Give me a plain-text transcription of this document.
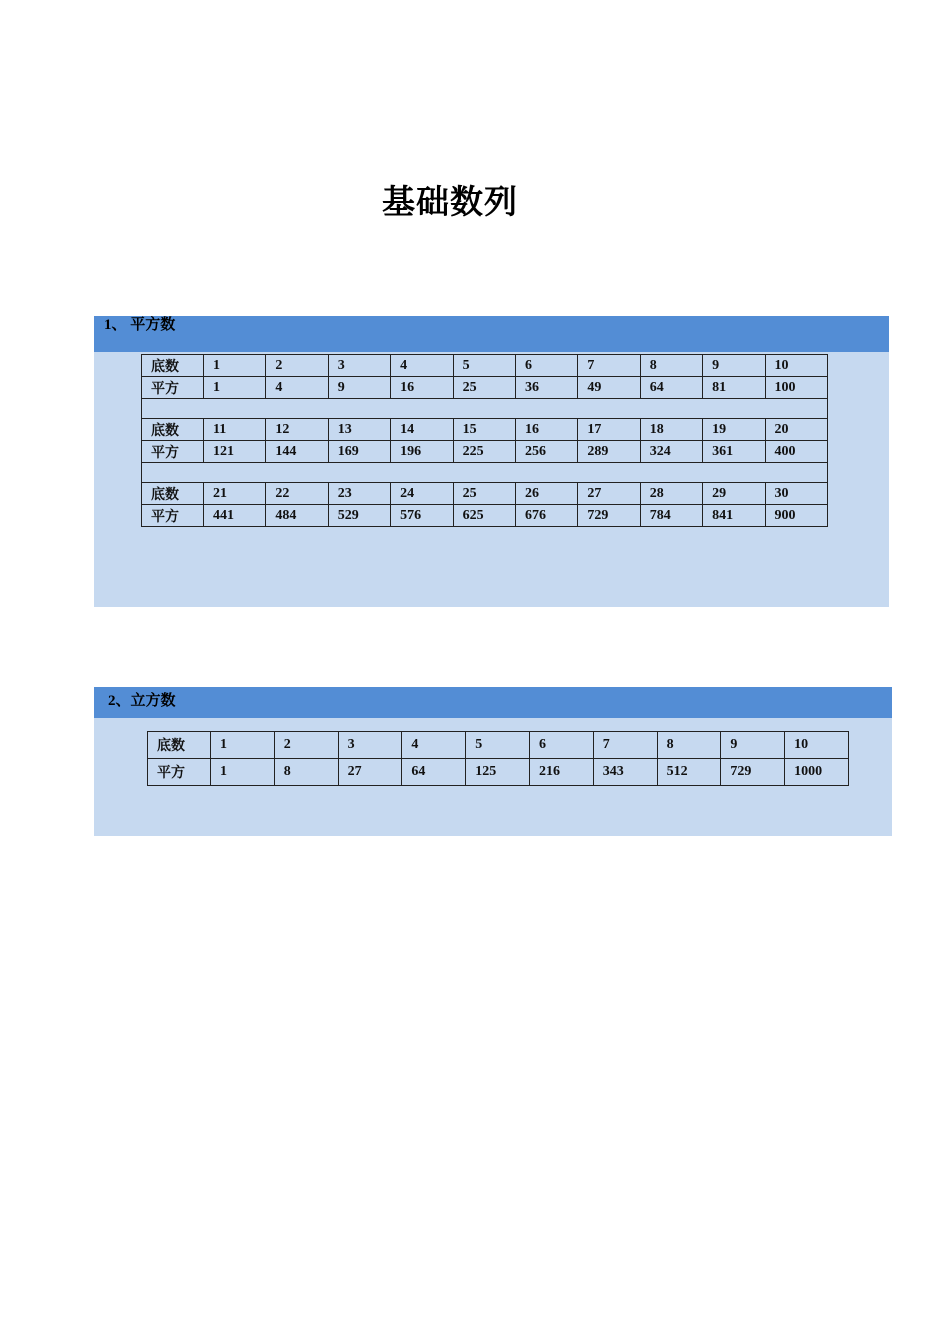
基础数列
1、 平方数
底数	1	2	3	4	5	6	7	8	9	10
平方	1	4	9	16	25	36	49	64	81	100

底数	11	12	13	14	15	16	17	18	19	20
平方	121	144	169	196	225	256	289	324	361	400

底数	21	22	23	24	25	26	27	28	29	30
平方	441	484	529	576	625	676	729	784	841	900
2、立方数
底数	1	2	3	4	5	6	7	8	9	10
平方	1	8	27	64	125	216	343	512	729	1000
